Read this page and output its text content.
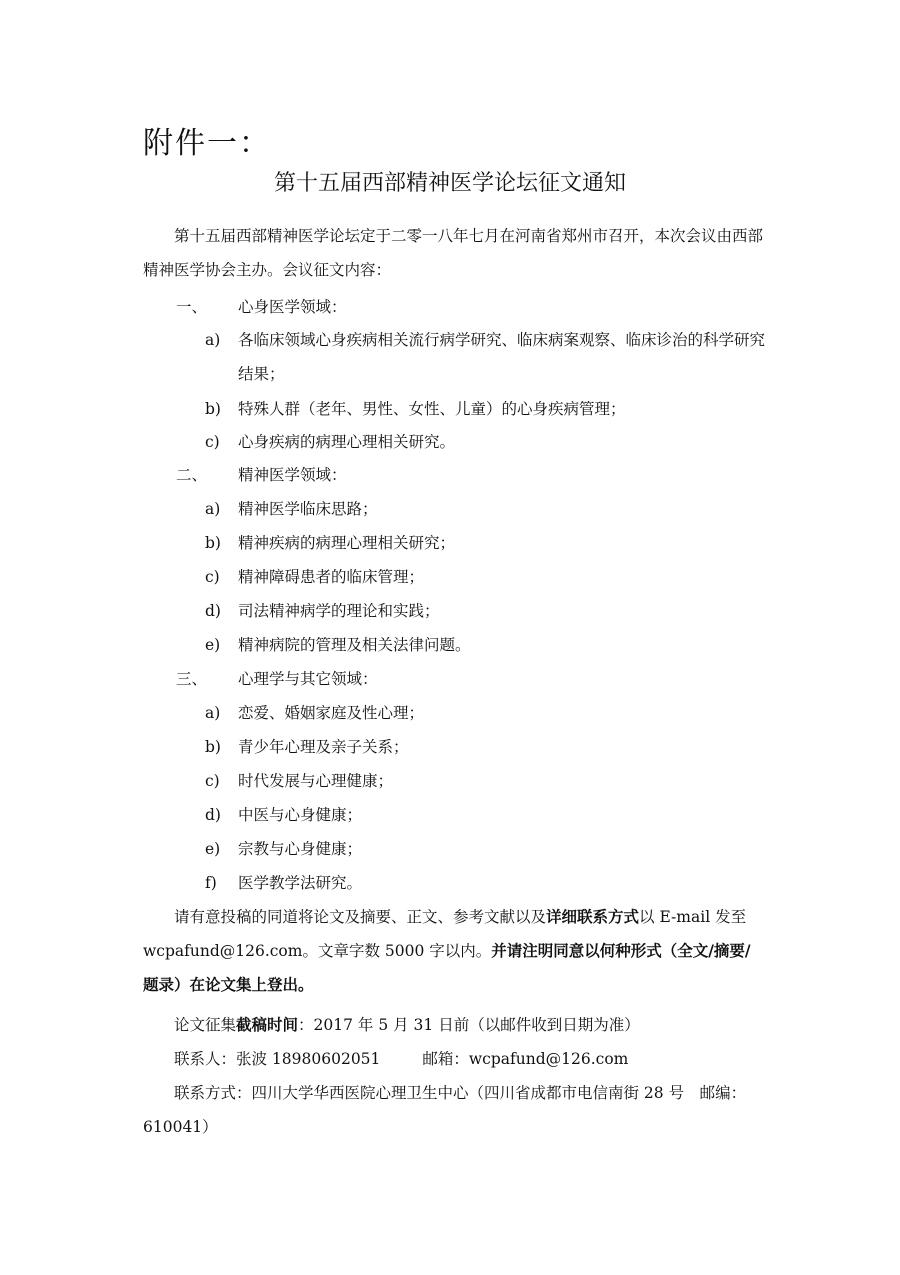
附件一：
第十五届西部精神医学论坛征文通知
第十五届西部精神医学论坛定于二零一八年七月在河南省郑州市召开，本次会议由西部精神医学协会主办。会议征文内容：
一、 心身医学领域：
a)	各临床领域心身疾病相关流行病学研究、临床病案观察、临床诊治的科学研究结果；
b)	特殊人群（老年、男性、女性、儿童）的心身疾病管理；
c)	心身疾病的病理心理相关研究。
二、 精神医学领域：
a)	精神医学临床思路；
b)	精神疾病的病理心理相关研究；
c)	精神障碍患者的临床管理；
d)	司法精神病学的理论和实践；
e)	精神病院的管理及相关法律问题。
三、 心理学与其它领域：
a)	恋爱、婚姻家庭及性心理；
b)	青少年心理及亲子关系；
c)	时代发展与心理健康；
d)	中医与心身健康；
e)	宗教与心身健康；
f)	医学教学法研究。
请有意投稿的同道将论文及摘要、正文、参考文献以及详细联系方式以 E-mail 发至 wcpafund@126.com。文章字数 5000 字以内。并请注明同意以何种形式（全文/摘要/题录）在论文集上登出。
论文征集截稿时间：2017 年 5 月 31 日前（以邮件收到日期为准）
联系人：张波 18980602051	邮箱：wcpafund@126.com
联系方式：四川大学华西医院心理卫生中心（四川省成都市电信南街 28 号　邮编：610041）
